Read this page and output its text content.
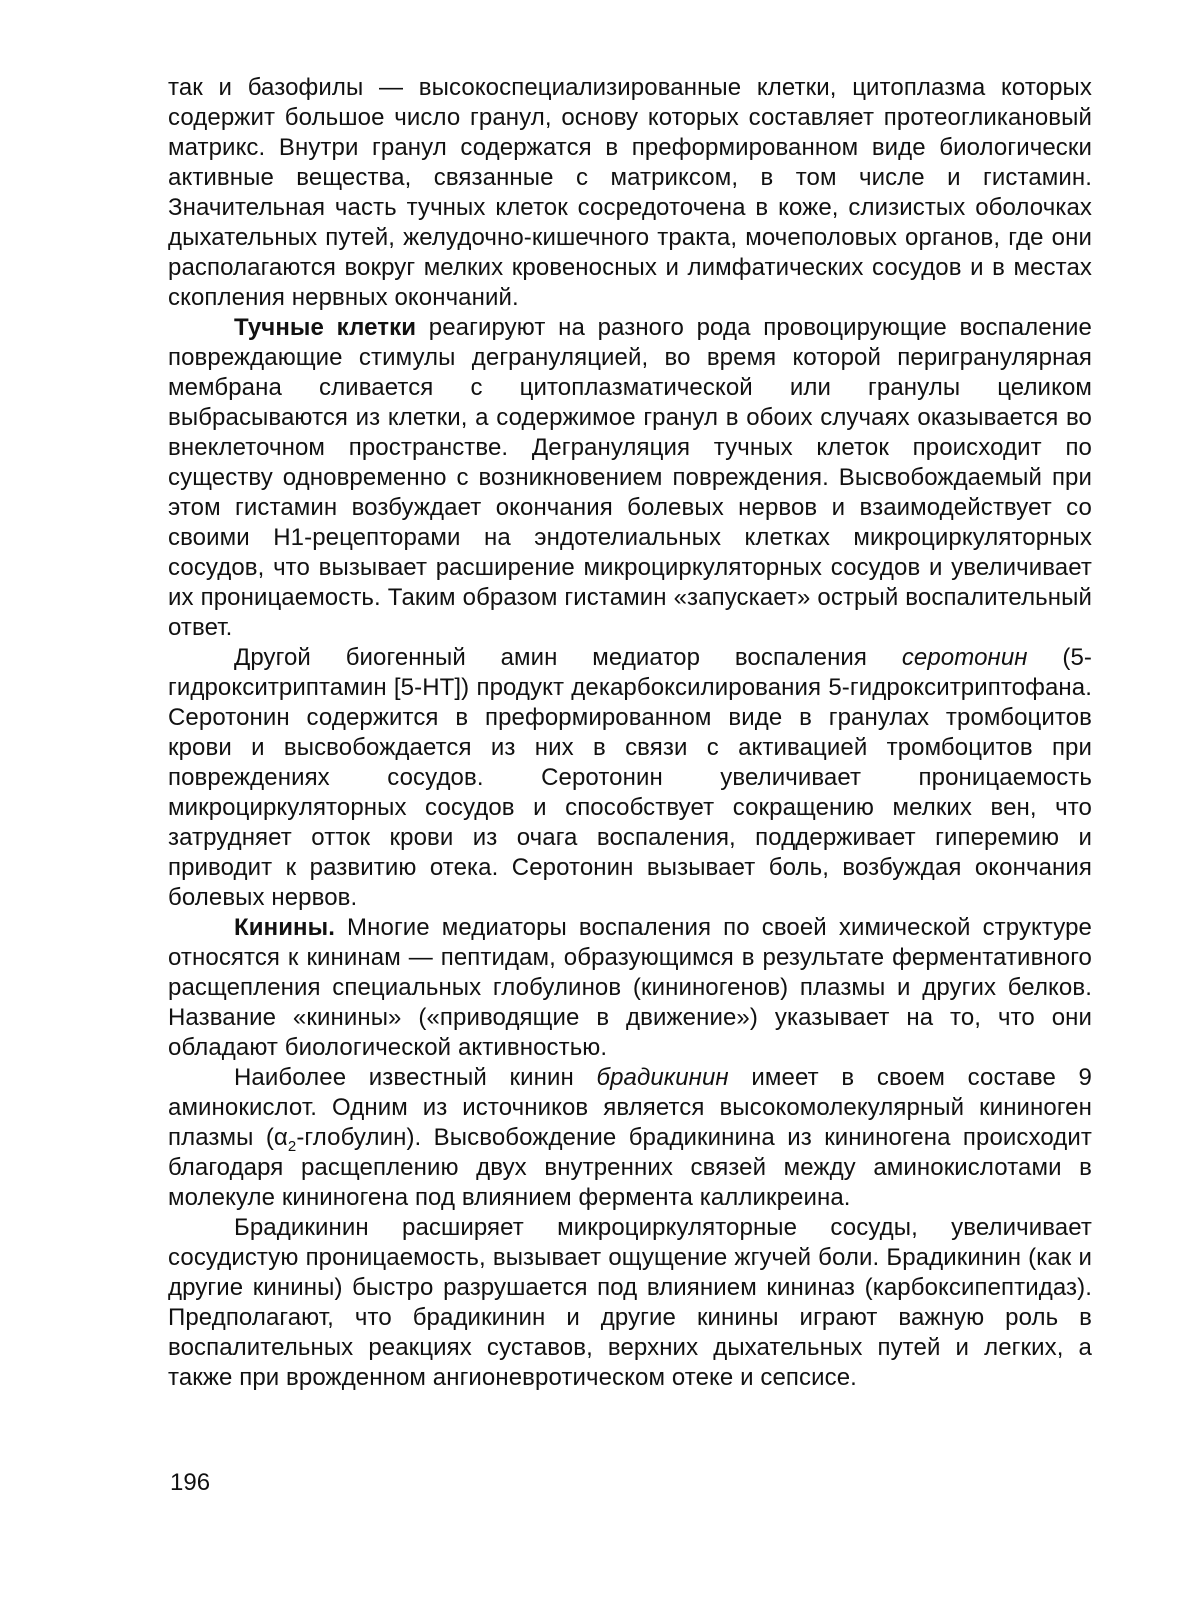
так и базофилы — высокоспециализированные клетки, цитоплазма которых содержит большое число гранул, основу которых составляет протеогликановый матрикс. Внутри гранул содержатся в преформированном виде биологически активные вещества, связанные с матриксом, в том числе и гистамин. Значительная часть тучных клеток сосредоточена в коже, слизистых оболочках дыхательных путей, желудочно-кишечного тракта, мочеполовых органов, где они располагаются вокруг мелких кровеносных и лимфатических сосудов и в местах скопления нервных окончаний.

Тучные клетки реагируют на разного рода провоцирующие воспаление повреждающие стимулы дегрануляцией, во время которой перигранулярная мембрана сливается с цитоплазматической или гранулы целиком выбрасываются из клетки, а содержимое гранул в обоих случаях оказывается во внеклеточном пространстве. Дегрануляция тучных клеток происходит по существу одновременно с возникновением повреждения. Высвобождаемый при этом гистамин возбуждает окончания болевых нервов и взаимодействует со своими Н1-рецепторами на эндотелиальных клетках микроциркуляторных сосудов, что вызывает расширение микроциркуляторных сосудов и увеличивает их проницаемость. Таким образом гистамин «запускает» острый воспалительный ответ.

Другой биогенный амин медиатор воспаления серотонин (5-гидрокситриптамин [5-НТ]) продукт декарбоксилирования 5-гидрокситриптофана. Серотонин содержится в преформированном виде в гранулах тромбоцитов крови и высвобождается из них в связи с активацией тромбоцитов при повреждениях сосудов. Серотонин увеличивает проницаемость микроциркуляторных сосудов и способствует сокращению мелких вен, что затрудняет отток крови из очага воспаления, поддерживает гиперемию и приводит к развитию отека. Серотонин вызывает боль, возбуждая окончания болевых нервов.

Кинины. Многие медиаторы воспаления по своей химической структуре относятся к кининам — пептидам, образующимся в результате ферментативного расщепления специальных глобулинов (кининогенов) плазмы и других белков. Название «кинины» («приводящие в движение») указывает на то, что они обладают биологической активностью.

Наиболее известный кинин брадикинин имеет в своем составе 9 аминокислот. Одним из источников является высокомолекулярный кининоген плазмы $(\alpha_2-глобулин)$. Высвобождение брадикинина из кининогена происходит благодаря расщеплению двух внутренних связей между аминокислотами в молекуле кининогена под влиянием фермента калликреина.

Брадикинин расширяет микроциркуляторные сосуды, увеличивает сосудистую проницаемость, вызывает ощущение жгучей боли. Брадикинин (как и другие кинины) быстро разрушается под влиянием кининаз (карбоксипептидаз). Предполагают, что брадикинин и другие кинины играют важную роль в воспалительных реакциях суставов, верхних дыхательных путей и легких, а также при врожденном ангионевротическом отеке и сепсисе.

196
